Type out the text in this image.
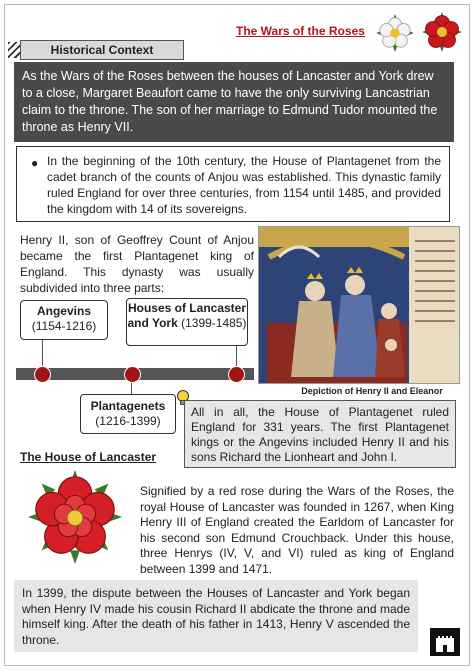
The Wars of the Roses
Historical Context
As the Wars of the Roses between the houses of Lancaster and York drew to a close, Margaret Beaufort came to have the only surviving Lancastrian claim to the throne. The son of her marriage to Edmund Tudor mounted the throne as Henry VII.
● In the beginning of the 10th century, the House of Plantagenet from the cadet branch of the counts of Anjou was established. This dynastic family ruled England for over three centuries, from 1154 until 1485, and provided the kingdom with 14 of its sovereigns.
Henry II, son of Geoffrey Count of Anjou became the first Plantagenet king of England. This dynasty was usually subdivided into three parts:
Depiction of Henry II and Eleanor
Angevins
(1154-1216)
Houses of Lancaster and York (1399-1485)
Plantagenets
(1216-1399)
All in all, the House of Plantagenet ruled England for 331 years. The first Plantagenet kings or the Angevins included Henry II and his sons Richard the Lionheart and John I.
The House of Lancaster
Signified by a red rose during the Wars of the Roses, the royal House of Lancaster was founded in 1267, when King Henry III of England created the Earldom of Lancaster for his second son Edmund Crouchback. Under this house, three Henrys (IV, V, and VI) ruled as king of England between 1399 and 1471.
In 1399, the dispute between the Houses of Lancaster and York began when Henry IV made his cousin Richard II abdicate the throne and made himself king. After the death of his father in 1413, Henry V ascended the throne.
